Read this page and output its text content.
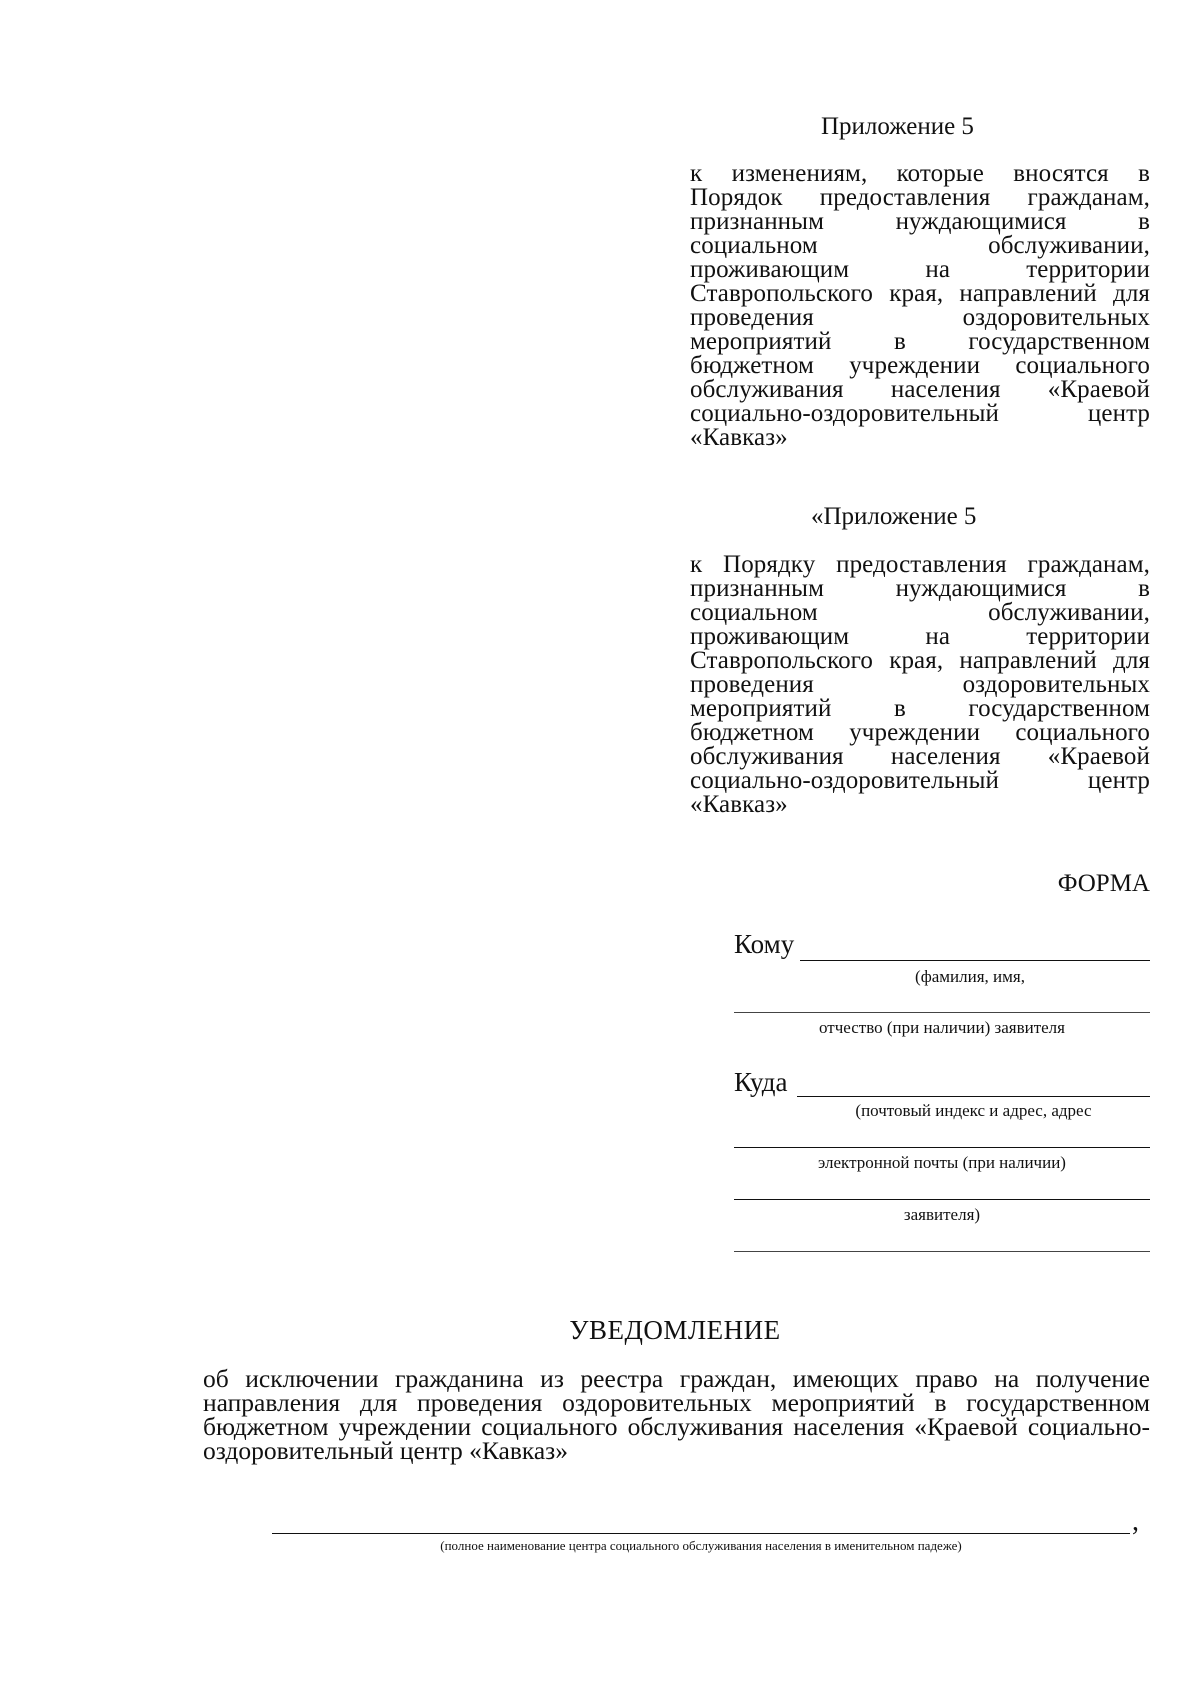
Приложение 5
к изменениям, которые вносятся в Порядок предоставления гражданам, признанным нуждающимися в социальном обслуживании, проживающим на территории Ставропольского края, направлений для проведения оздоровительных мероприятий в государственном бюджетном учреждении социального обслуживания населения «Краевой социально-оздоровительный центр «Кавказ»
«Приложение 5
к Порядку предоставления гражданам, признанным нуждающимися в социальном обслуживании, проживающим на территории Ставропольского края, направлений для проведения оздоровительных мероприятий в государственном бюджетном учреждении социального обслуживания населения «Краевой социально-оздоровительный центр «Кавказ»
ФОРМА
Кому
(фамилия, имя,
отчество (при наличии) заявителя
Куда
(почтовый индекс и адрес, адрес
электронной почты (при наличии)
заявителя)
УВЕДОМЛЕНИЕ
об исключении гражданина из реестра граждан, имеющих право на получение направления для проведения оздоровительных мероприятий в государственном бюджетном учреждении социального обслуживания населения «Краевой социально-оздоровительный центр «Кавказ»
,
(полное наименование центра социального обслуживания населения в именительном падеже)
